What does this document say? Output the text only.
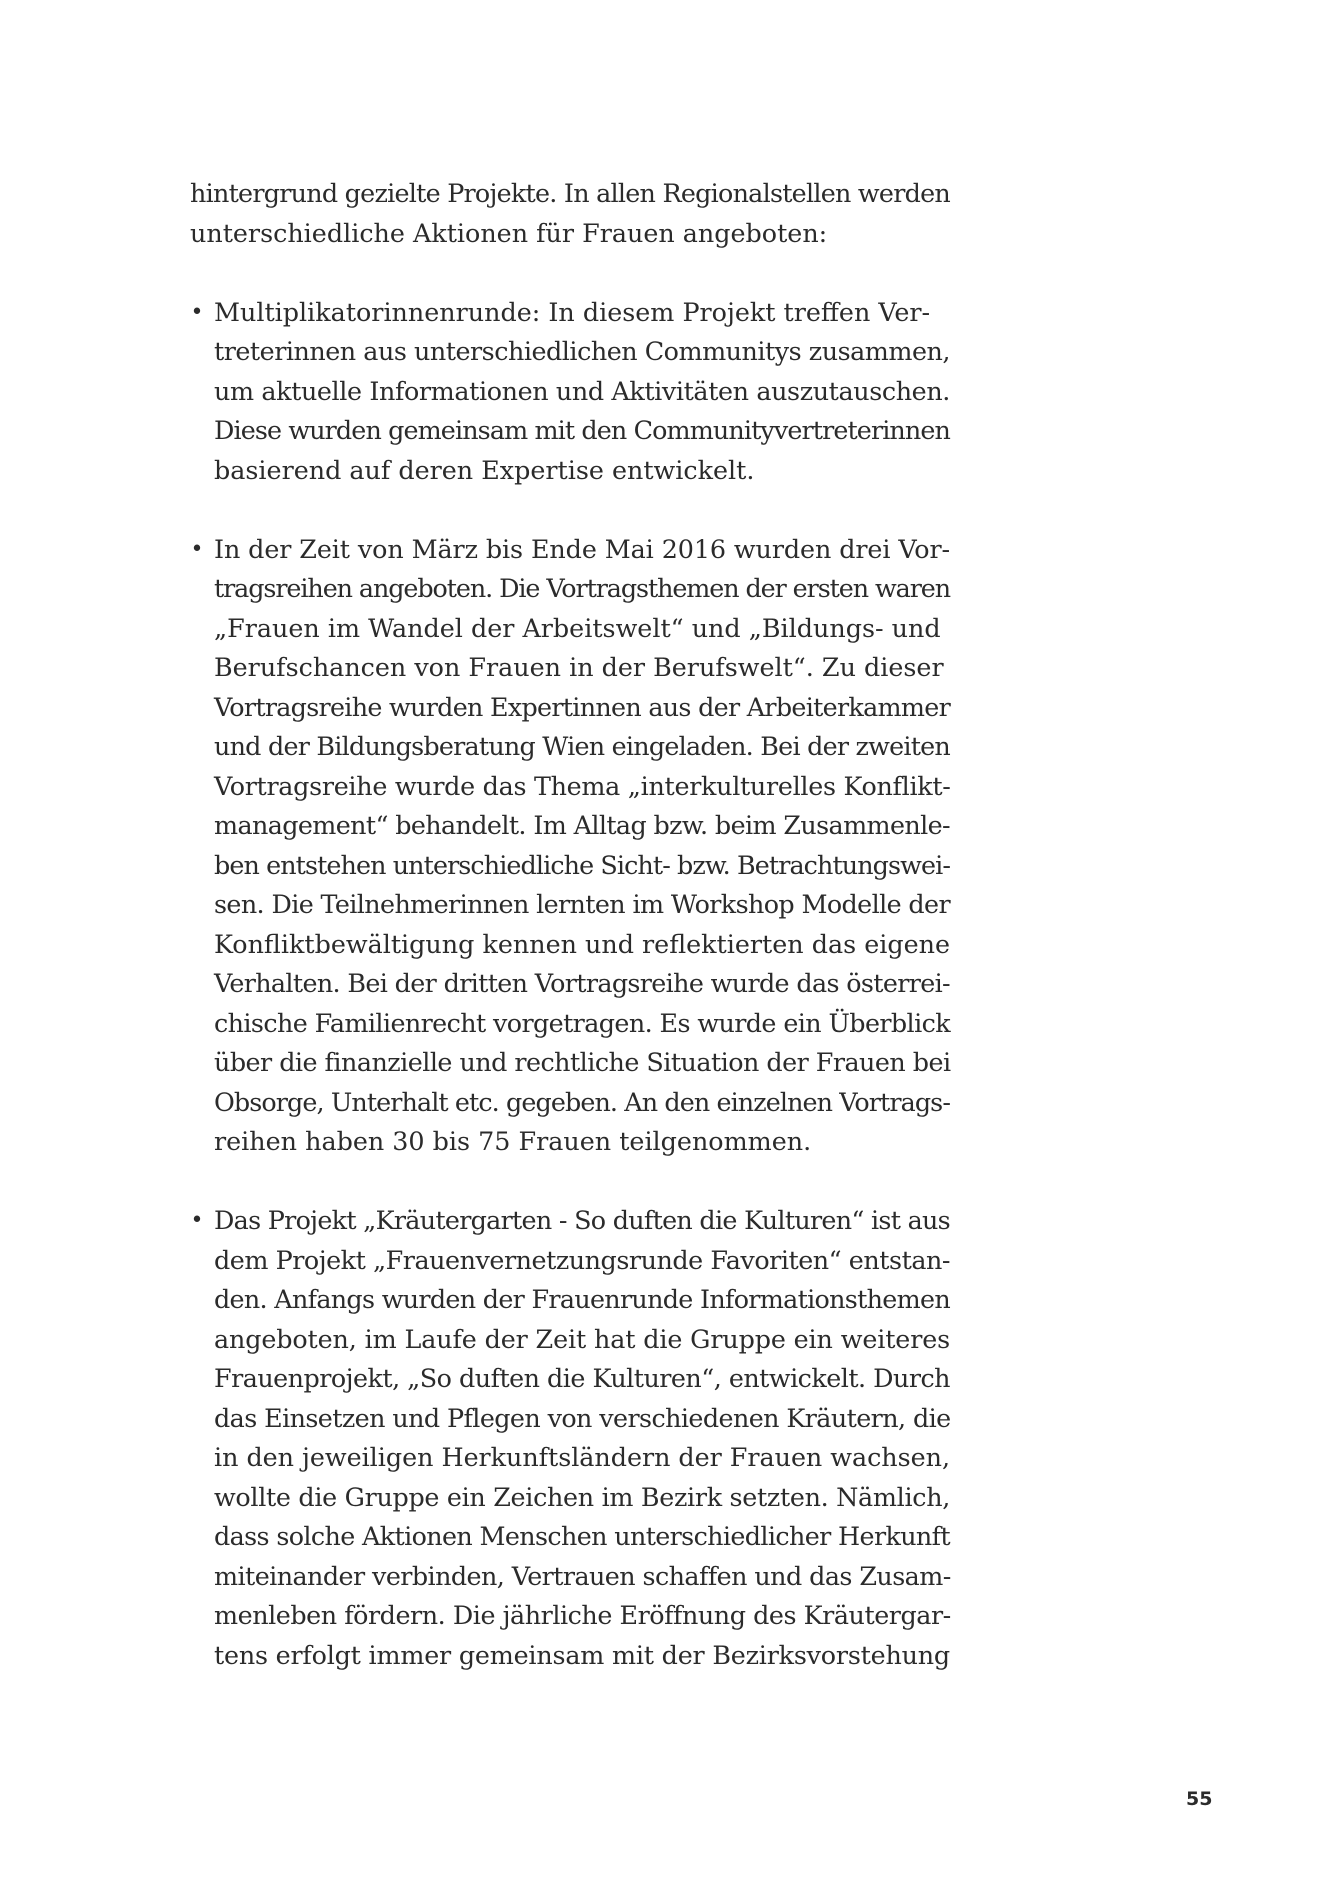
hintergrund gezielte Projekte. In allen Regionalstellen werden
unterschiedliche Aktionen für Frauen angeboten:
• Multiplikatorinnenrunde: In diesem Projekt treffen Ver-
treterinnen aus unterschiedlichen Communitys zusammen,
um aktuelle Informationen und Aktivitäten auszutauschen.
Diese wurden gemeinsam mit den Communityvertreterinnen
basierend auf deren Expertise entwickelt.
• In der Zeit von März bis Ende Mai 2016 wurden drei Vor-
tragsreihen angeboten. Die Vortragsthemen der ersten waren
„Frauen im Wandel der Arbeitswelt“ und „Bildungs- und
Berufschancen von Frauen in der Berufswelt“. Zu dieser
Vortragsreihe wurden Expertinnen aus der Arbeiterkammer
und der Bildungsberatung Wien eingeladen. Bei der zweiten
Vortragsreihe wurde das Thema „interkulturelles Konflikt-
management“ behandelt. Im Alltag bzw. beim Zusammenle-
ben entstehen unterschiedliche Sicht- bzw. Betrachtungswei-
sen. Die Teilnehmerinnen lernten im Workshop Modelle der
Konfliktbewältigung kennen und reflektierten das eigene
Verhalten. Bei der dritten Vortragsreihe wurde das österrei-
chische Familienrecht vorgetragen. Es wurde ein Überblick
über die finanzielle und rechtliche Situation der Frauen bei
Obsorge, Unterhalt etc. gegeben. An den einzelnen Vortrags-
reihen haben 30 bis 75 Frauen teilgenommen.
• Das Projekt „Kräutergarten - So duften die Kulturen“ ist aus
dem Projekt „Frauenvernetzungsrunde Favoriten“ entstan-
den. Anfangs wurden der Frauenrunde Informationsthemen
angeboten, im Laufe der Zeit hat die Gruppe ein weiteres
Frauenprojekt, „So duften die Kulturen“, entwickelt. Durch
das Einsetzen und Pflegen von verschiedenen Kräutern, die
in den jeweiligen Herkunftsländern der Frauen wachsen,
wollte die Gruppe ein Zeichen im Bezirk setzten. Nämlich,
dass solche Aktionen Menschen unterschiedlicher Herkunft
miteinander verbinden, Vertrauen schaffen und das Zusam-
menleben fördern. Die jährliche Eröffnung des Kräutergar-
tens erfolgt immer gemeinsam mit der Bezirksvorstehung
55
